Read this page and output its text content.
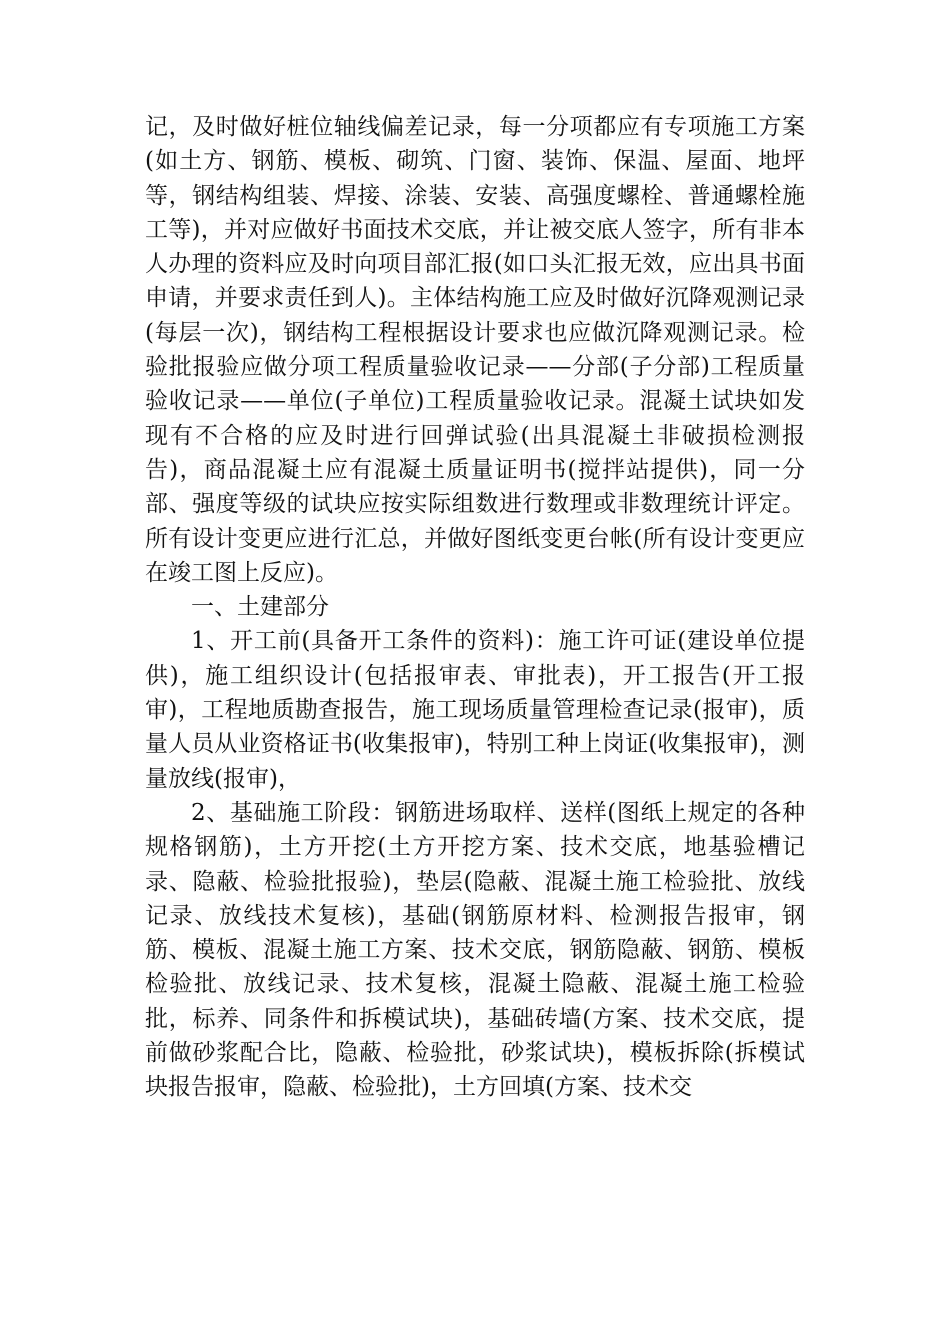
记，及时做好桩位轴线偏差记录，每一分项都应有专项施工方案(如土方、钢筋、模板、砌筑、门窗、装饰、保温、屋面、地坪等，钢结构组装、焊接、涂装、安装、高强度螺栓、普通螺栓施工等)，并对应做好书面技术交底，并让被交底人签字，所有非本人办理的资料应及时向项目部汇报(如口头汇报无效，应出具书面申请，并要求责任到人)。主体结构施工应及时做好沉降观测记录(每层一次)，钢结构工程根据设计要求也应做沉降观测记录。检验批报验应做分项工程质量验收记录——分部(子分部)工程质量验收记录——单位(子单位)工程质量验收记录。混凝土试块如发现有不合格的应及时进行回弹试验(出具混凝土非破损检测报告)，商品混凝土应有混凝土质量证明书(搅拌站提供)，同一分部、强度等级的试块应按实际组数进行数理或非数理统计评定。所有设计变更应进行汇总，并做好图纸变更台帐(所有设计变更应在竣工图上反应)。

一、土建部分

1、开工前(具备开工条件的资料)：施工许可证(建设单位提供)，施工组织设计(包括报审表、审批表)，开工报告(开工报审)，工程地质勘查报告，施工现场质量管理检查记录(报审)，质量人员从业资格证书(收集报审)，特别工种上岗证(收集报审)，测量放线(报审)，

2、基础施工阶段：钢筋进场取样、送样(图纸上规定的各种规格钢筋)，土方开挖(土方开挖方案、技术交底，地基验槽记录、隐蔽、检验批报验)，垫层(隐蔽、混凝土施工检验批、放线记录、放线技术复核)，基础(钢筋原材料、检测报告报审，钢筋、模板、混凝土施工方案、技术交底，钢筋隐蔽、钢筋、模板检验批、放线记录、技术复核，混凝土隐蔽、混凝土施工检验批，标养、同条件和拆模试块)，基础砖墙(方案、技术交底，提前做砂浆配合比，隐蔽、检验批，砂浆试块)，模板拆除(拆模试块报告报审，隐蔽、检验批)，土方回填(方案、技术交
